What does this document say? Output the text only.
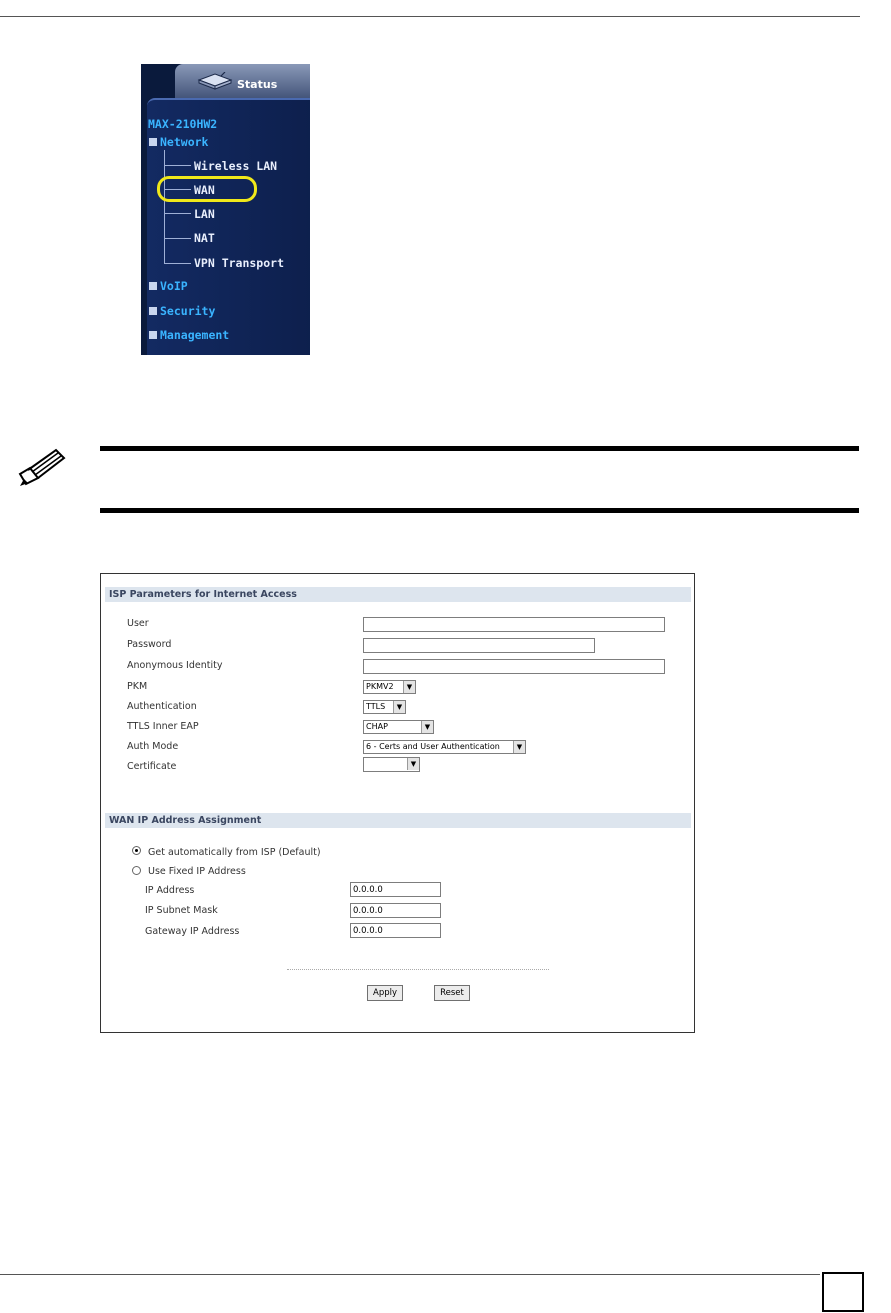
Status
MAX-210HW2
Network
Wireless LAN
WAN
LAN
NAT
VPN Transport
VoIP
Security
Management
ISP Parameters for Internet Access
User
Password
Anonymous Identity
PKM	PKMV2	▼
Authentication	TTLS	▼
TTLS Inner EAP	CHAP	▼
Auth Mode	6 - Certs and User Authentication	▼
Certificate	▼
WAN IP Address Assignment
Get automatically from ISP (Default)
Use Fixed IP Address
IP Address	0.0.0.0
IP Subnet Mask	0.0.0.0
Gateway IP Address	0.0.0.0
Apply	Reset
